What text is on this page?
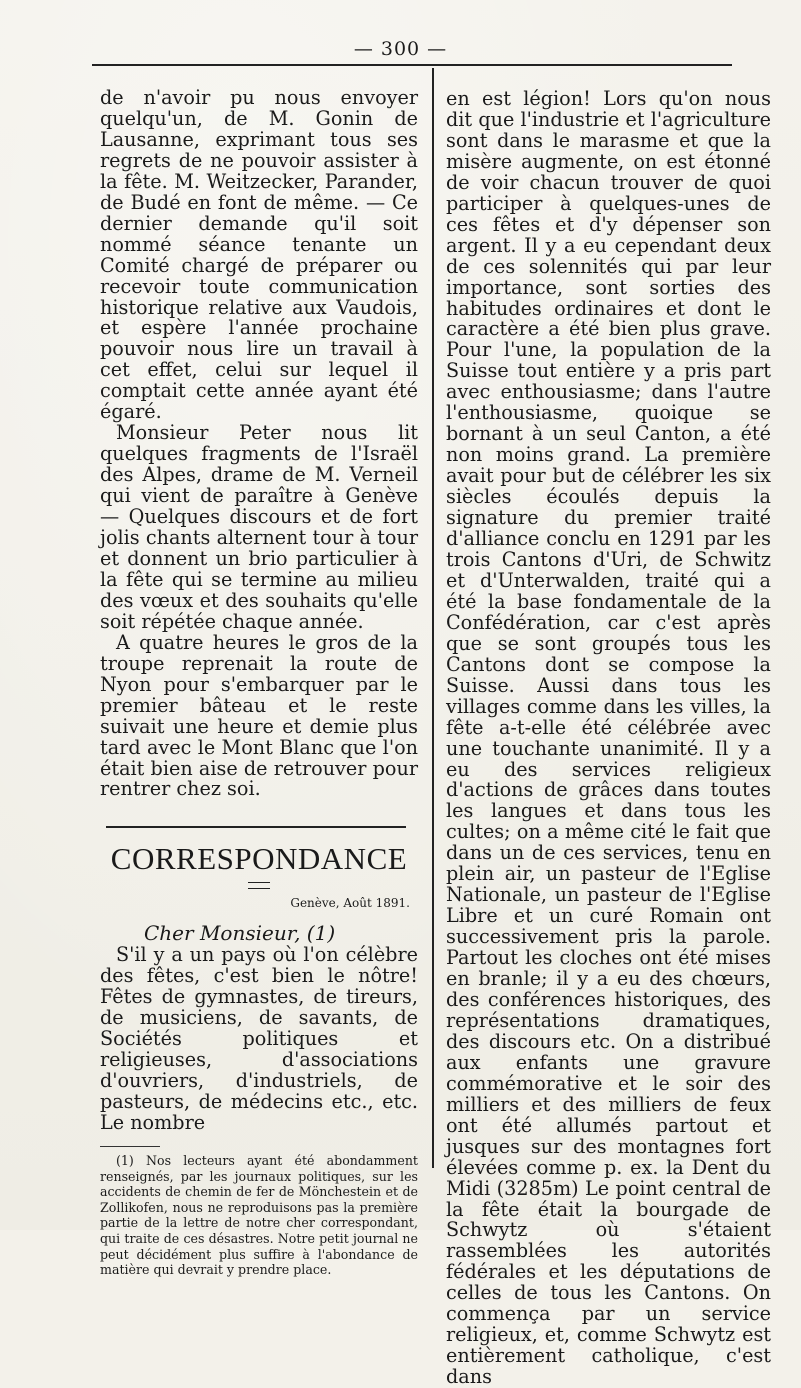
— 300 —

de n'avoir pu nous envoyer quelqu'un, de M. Gonin de Lausanne, exprimant tous ses regrets de ne pouvoir assister à la fête. M. Weitzecker, Parander, de Budé en font de même. — Ce dernier demande qu'il soit nommé séance tenante un Comité chargé de préparer ou recevoir toute communication historique relative aux Vaudois, et espère l'année prochaine pouvoir nous lire un travail à cet effet, celui sur lequel il comptait cette année ayant été égaré.

Monsieur Peter nous lit quelques fragments de l'Israël des Alpes, drame de M. Verneil qui vient de paraître à Genève — Quelques discours et de fort jolis chants alternent tour à tour et donnent un brio particulier à la fête qui se termine au milieu des vœux et des souhaits qu'elle soit répétée chaque année.

A quatre heures le gros de la troupe reprenait la route de Nyon pour s'embarquer par le premier bâteau et le reste suivait une heure et demie plus tard avec le Mont Blanc que l'on était bien aise de retrouver pour rentrer chez soi.

CORRESPONDANCE
Genève, Août 1891.
Cher Monsieur, (1)

S'il y a un pays où l'on célèbre des fêtes, c'est bien le nôtre! Fêtes de gymnastes, de tireurs, de musiciens, de savants, de Sociétés politiques et religieuses, d'associations d'ouvriers, d'industriels, de pasteurs, de médecins etc., etc. Le nombre

(1) Nos lecteurs ayant été abondamment renseignés, par les journaux politiques, sur les accidents de chemin de fer de Mönchestein et de Zollikofen, nous ne reproduisons pas la première partie de la lettre de notre cher correspondant, qui traite de ces désastres. Notre petit journal ne peut décidément plus suffire à l'abondance de matière qui devrait y prendre place.

en est légion! Lors qu'on nous dit que l'industrie et l'agriculture sont dans le marasme et que la misère augmente, on est étonné de voir chacun trouver de quoi participer à quelques-unes de ces fêtes et d'y dépenser son argent. Il y a eu cependant deux de ces solennités qui par leur importance, sont sorties des habitudes ordinaires et dont le caractère a été bien plus grave. Pour l'une, la population de la Suisse tout entière y a pris part avec enthousiasme; dans l'autre l'enthousiasme, quoique se bornant à un seul Canton, a été non moins grand. La première avait pour but de célébrer les six siècles écoulés depuis la signature du premier traité d'alliance conclu en 1291 par les trois Cantons d'Uri, de Schwitz et d'Unterwalden, traité qui a été la base fondamentale de la Confédération, car c'est après que se sont groupés tous les Cantons dont se compose la Suisse. Aussi dans tous les villages comme dans les villes, la fête a-t-elle été célébrée avec une touchante unanimité. Il y a eu des services religieux d'actions de grâces dans toutes les langues et dans tous les cultes; on a même cité le fait que dans un de ces services, tenu en plein air, un pasteur de l'Eglise Nationale, un pasteur de l'Eglise Libre et un curé Romain ont successivement pris la parole. Partout les cloches ont été mises en branle; il y a eu des chœurs, des conférences historiques, des représentations dramatiques, des discours etc. On a distribué aux enfants une gravure commémorative et le soir des milliers et des milliers de feux ont été allumés partout et jusques sur des montagnes fort élevées comme p. ex. la Dent du Midi (3285m) Le point central de la fête était la bourgade de Schwytz où s'étaient rassemblées les autorités fédérales et les députations de celles de tous les Cantons. On commença par un service religieux, et, comme Schwytz est entièrement catholique, c'est dans
